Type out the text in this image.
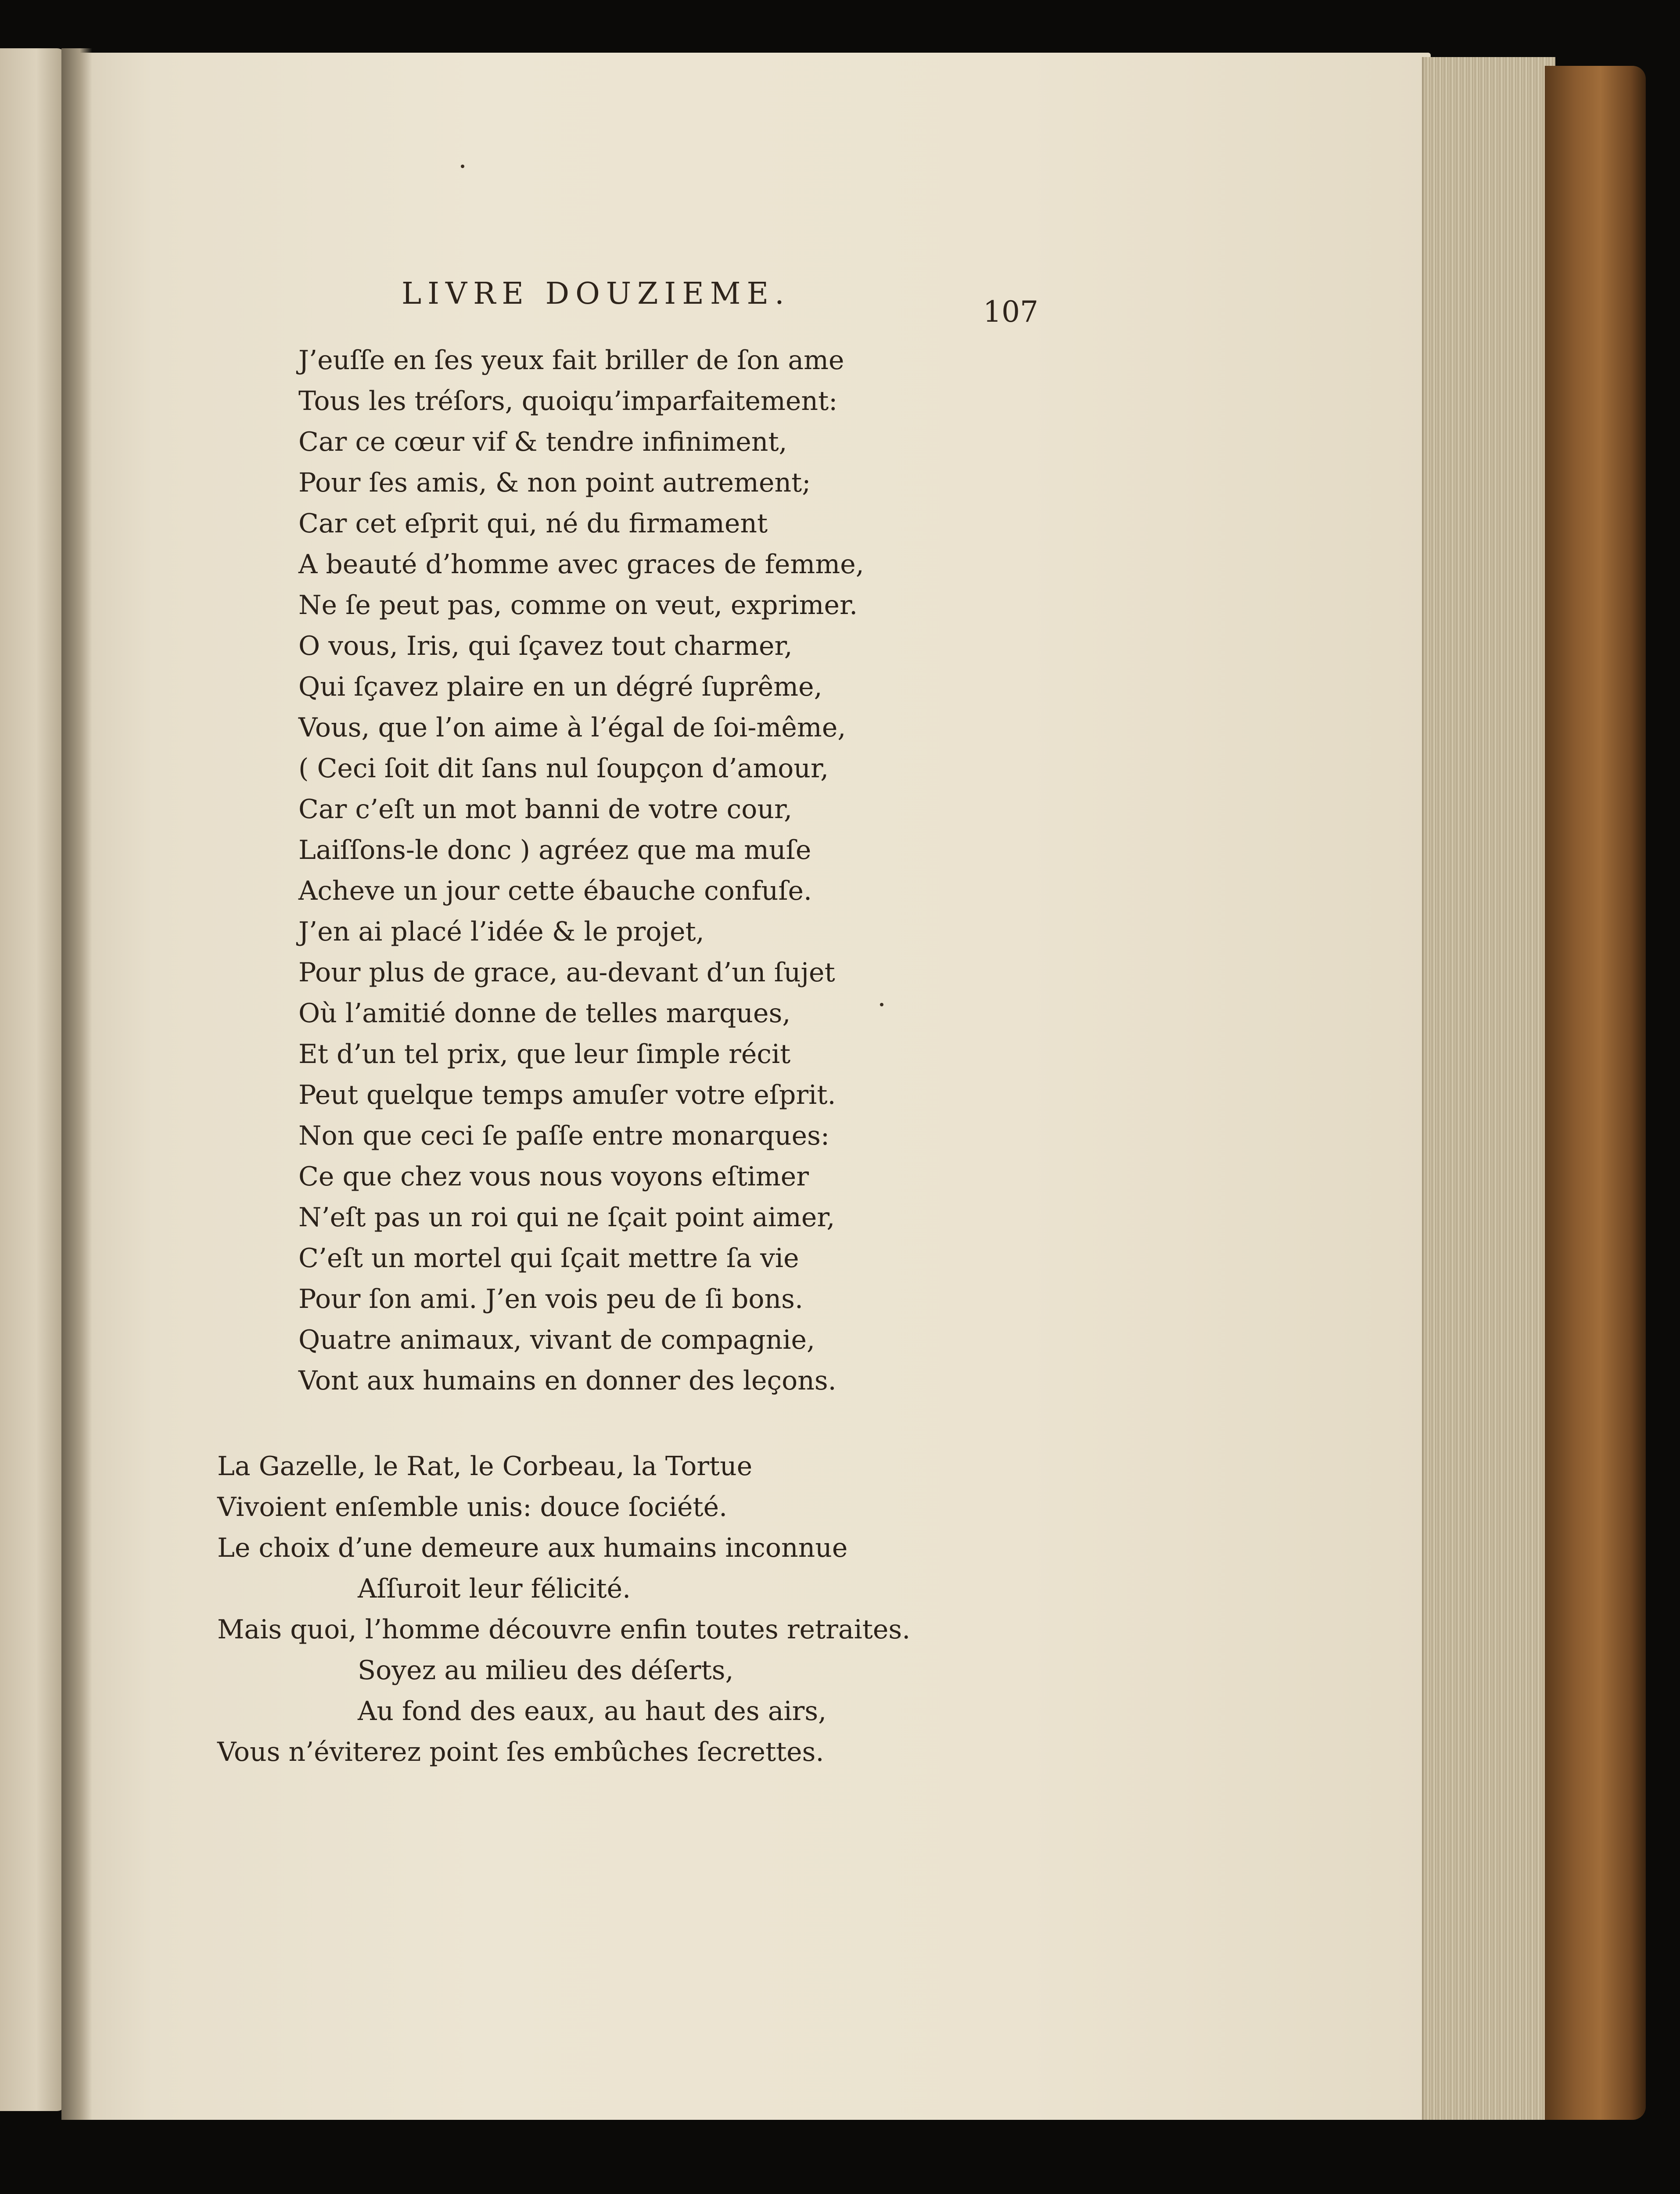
LIVRE DOUZIEME.
107
J’euſſe en ſes yeux fait briller de ſon ame
Tous les tréſors, quoiqu’imparfaitement:
Car ce cœur vif & tendre infiniment,
Pour ſes amis, & non point autrement;
Car cet eſprit qui, né du firmament
A beauté d’homme avec graces de femme,
Ne ſe peut pas, comme on veut, exprimer.
O vous, Iris, qui ſçavez tout charmer,
Qui ſçavez plaire en un dégré ſuprême,
Vous, que l’on aime à l’égal de ſoi-même,
( Ceci ſoit dit ſans nul ſoupçon d’amour,
Car c’eſt un mot banni de votre cour,
Laiſſons-le donc ) agréez que ma muſe
Acheve un jour cette ébauche confuſe.
J’en ai placé l’idée & le projet,
Pour plus de grace, au-devant d’un ſujet
Où l’amitié donne de telles marques,
Et d’un tel prix, que leur ſimple récit
Peut quelque temps amuſer votre eſprit.
Non que ceci ſe paſſe entre monarques:
Ce que chez vous nous voyons eſtimer
N’eſt pas un roi qui ne ſçait point aimer,
C’eſt un mortel qui ſçait mettre ſa vie
Pour ſon ami. J’en vois peu de ſi bons.
Quatre animaux, vivant de compagnie,
Vont aux humains en donner des leçons.
La Gazelle, le Rat, le Corbeau, la Tortue
Vivoient enſemble unis: douce ſociété.
Le choix d’une demeure aux humains inconnue
Aſſuroit leur félicité.
Mais quoi, l’homme découvre enfin toutes retraites.
Soyez au milieu des déſerts,
Au fond des eaux, au haut des airs,
Vous n’éviterez point ſes embûches ſecrettes.
